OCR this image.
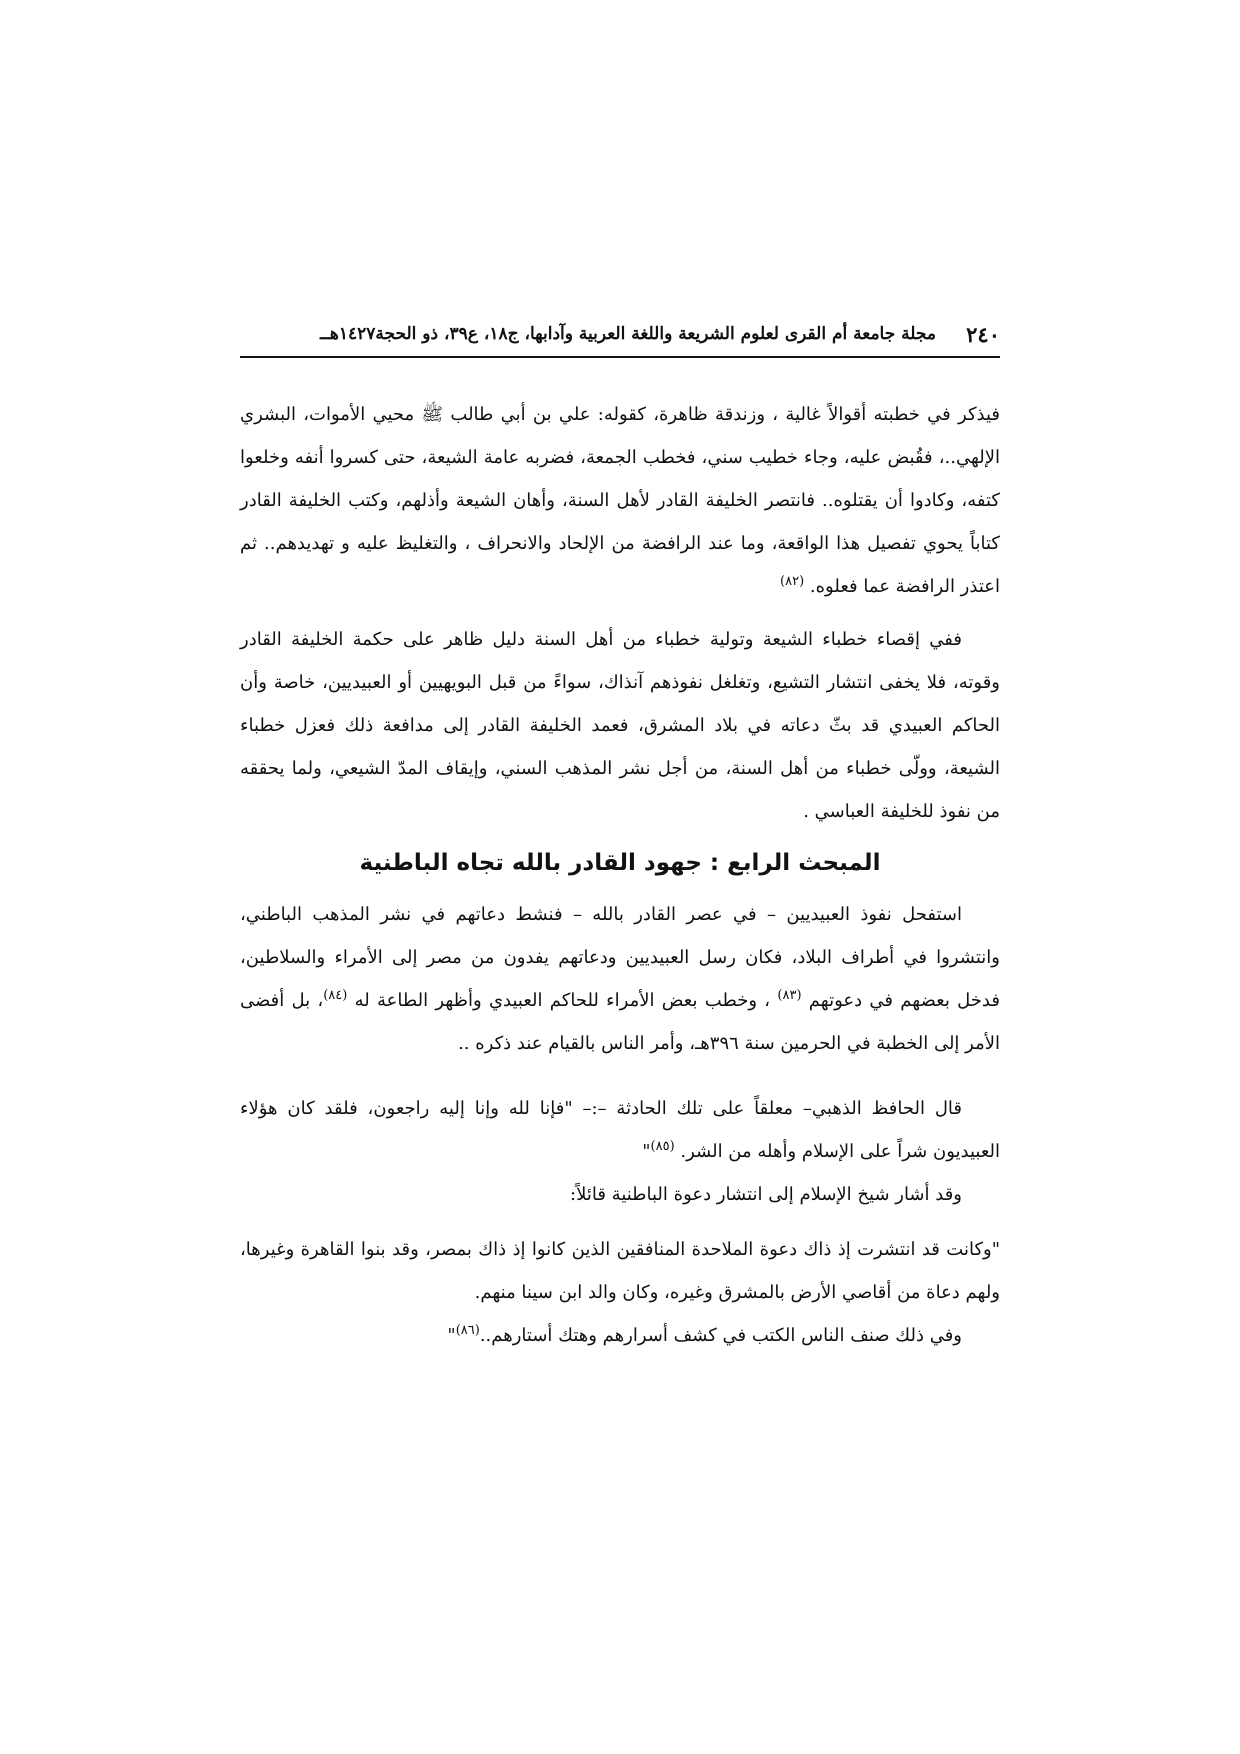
٢٤٠
مجلة جامعة أم القرى لعلوم الشريعة واللغة العربية وآدابها، ج١٨، ع٣٩، ذو الحجة١٤٢٧هــ

فيذكر في خطبته أقوالاً غالية ، وزندقة ظاهرة، كقوله: علي بن أبي طالب ﷺ محيي الأموات، البشري الإلهي..، فقُبض عليه، وجاء خطيب سني، فخطب الجمعة، فضربه عامة الشيعة، حتى كسروا أنفه وخلعوا كتفه، وكادوا أن يقتلوه.. فانتصر الخليفة القادر لأهل السنة، وأهان الشيعة وأذلهم، وكتب الخليفة القادر كتاباً يحوي تفصيل هذا الواقعة، وما عند الرافضة من الإلحاد والانحراف ، والتغليظ عليه و تهديدهم.. ثم اعتذر الرافضة عما فعلوه. $^{(٨٢)}$

ففي إقصاء خطباء الشيعة وتولية خطباء من أهل السنة دليل ظاهر على حكمة الخليفة القادر وقوته، فلا يخفى انتشار التشيع، وتغلغل نفوذهم آنذاك، سواءً من قبل البويهيين أو العبيديين، خاصة وأن الحاكم العبيدي قد بثّ دعاته في بلاد المشرق، فعمد الخليفة القادر إلى مدافعة ذلك فعزل خطباء الشيعة، وولّى خطباء من أهل السنة، من أجل نشر المذهب السني، وإيقاف المدّ الشيعي، ولما يحققه من نفوذ للخليفة العباسي .

المبحث الرابع : جهود القادر بالله تجاه الباطنية

استفحل نفوذ العبيديين – في عصر القادر بالله – فنشط دعاتهم في نشر المذهب الباطني، وانتشروا في أطراف البلاد، فكان رسل العبيديين ودعاتهم يفدون من مصر إلى الأمراء والسلاطين، فدخل بعضهم في دعوتهم $^{(٨٣)}$ ، وخطب بعض الأمراء للحاكم العبيدي وأظهر الطاعة له $^{(٨٤)}$، بل أفضى الأمر إلى الخطبة في الحرمين سنة ٣٩٦هـ، وأمر الناس بالقيام عند ذكره ..

قال الحافظ الذهبي– معلقاً على تلك الحادثة –:– "فإنا لله وإنا إليه راجعون، فلقد كان هؤلاء العبيديون شراً على الإسلام وأهله من الشر. $^{(٨٥)}$"

وقد أشار شيخ الإسلام إلى انتشار دعوة الباطنية قائلاً:

"وكانت قد انتشرت إذ ذاك دعوة الملاحدة المنافقين الذين كانوا إذ ذاك بمصر، وقد بنوا القاهرة وغيرها، ولهم دعاة من أقاصي الأرض بالمشرق وغيره، وكان والد ابن سينا منهم.

وفي ذلك صنف الناس الكتب في كشف أسرارهم وهتك أستارهم..$^{(٨٦)}$"
